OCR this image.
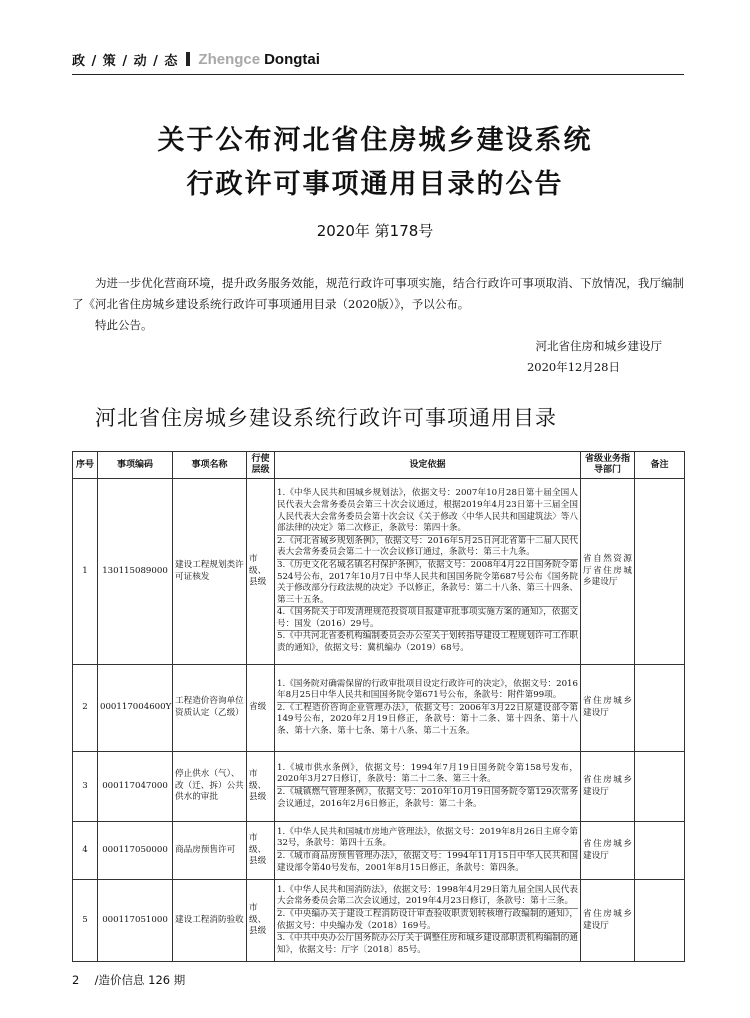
政 / 策 / 动 / 态 Zhengce Dongtai
关于公布河北省住房城乡建设系统
行政许可事项通用目录的公告
2020年 第178号

为进一步优化营商环境，提升政务服务效能，规范行政许可事项实施，结合行政许可事项取消、下放情况，我厅编制了《河北省住房城乡建设系统行政许可事项通用目录（2020版）》，予以公布。

特此公告。

河北省住房和城乡建设厅
2020年12月28日
河北省住房城乡建设系统行政许可事项通用目录
序号	事项编码	事项名称	行使层级	设定依据	省级业务指导部门	备注
1	130115089000	建设工程规划类许可证核发	市级、县级	1.《中华人民共和国城乡规划法》，依据文号：2007年10月28日第十届全国人民代表大会常务委员会第三十次会议通过，根据2019年4月23日第十三届全国人民代表大会常务委员会第十次会议《关于修改〈中华人民共和国建筑法〉等八部法律的决定》第二次修正，条款号：第四十条。
2.《河北省城乡规划条例》，依据文号：2016年5月25日河北省第十二届人民代表大会常务委员会第二十一次会议修订通过，条款号：第三十九条。
3.《历史文化名城名镇名村保护条例》，依据文号：2008年4月22日国务院令第524号公布，2017年10月7日中华人民共和国国务院令第687号公布《国务院关于修改部分行政法规的决定》予以修正，条款号：第二十八条、第三十四条、第三十五条。
4.《国务院关于印发清理规范投资项目报建审批事项实施方案的通知》，依据文号：国发（2016）29号。
5.《中共河北省委机构编制委员会办公室关于划转指导建设工程规划许可工作职责的通知》，依据文号：冀机编办（2019）68号。	省自然资源厅省住房城乡建设厅	
2	000117004600Y	工程造价咨询单位资质认定（乙级）	省级	1.《国务院对确需保留的行政审批项目设定行政许可的决定》，依据文号：2016年8月25日中华人民共和国国务院令第671号公布，条款号：附件第99项。
2.《工程造价咨询企业管理办法》，依据文号：2006年3月22日原建设部令第149号公布，2020年2月19日修正，条款号：第十二条、第十四条、第十八条、第十六条、第十七条、第十八条、第二十五条。	省住房城乡建设厅	
3	000117047000	停止供水（气）、改（迁、拆）公共供水的审批	市级、县级	1.《城市供水条例》，依据文号：1994年7月19日国务院令第158号发布，2020年3月27日修订，条款号：第二十二条、第三十条。
2.《城镇燃气管理条例》，依据文号：2010年10月19日国务院令第129次常务会议通过，2016年2月6日修正，条款号：第二十条。	省住房城乡建设厅	
4	000117050000	商品房预售许可	市级、县级	1.《中华人民共和国城市房地产管理法》，依据文号：2019年8月26日主席令第32号，条款号：第四十五条。
2.《城市商品房预售管理办法》，依据文号：1994年11月15日中华人民共和国建设部令第40号发布，2001年8月15日修正，条款号：第四条。	省住房城乡建设厅	
5	000117051000	建设工程消防验收	市级、县级	1.《中华人民共和国消防法》，依据文号：1998年4月29日第九届全国人民代表大会常务委员会第二次会议通过，2019年4月23日修订，条款号：第十三条。
2.《中央编办关于建设工程消防设计审查验收职责划转核增行政编制的通知》，依据文号：中央编办发（2018）169号。
3.《中共中央办公厅国务院办公厅关于调整住房和城乡建设部职责机构编制的通知》，依据文号：厅字〔2018〕85号。	省住房城乡建设厅	
2 /造价信息 126 期
